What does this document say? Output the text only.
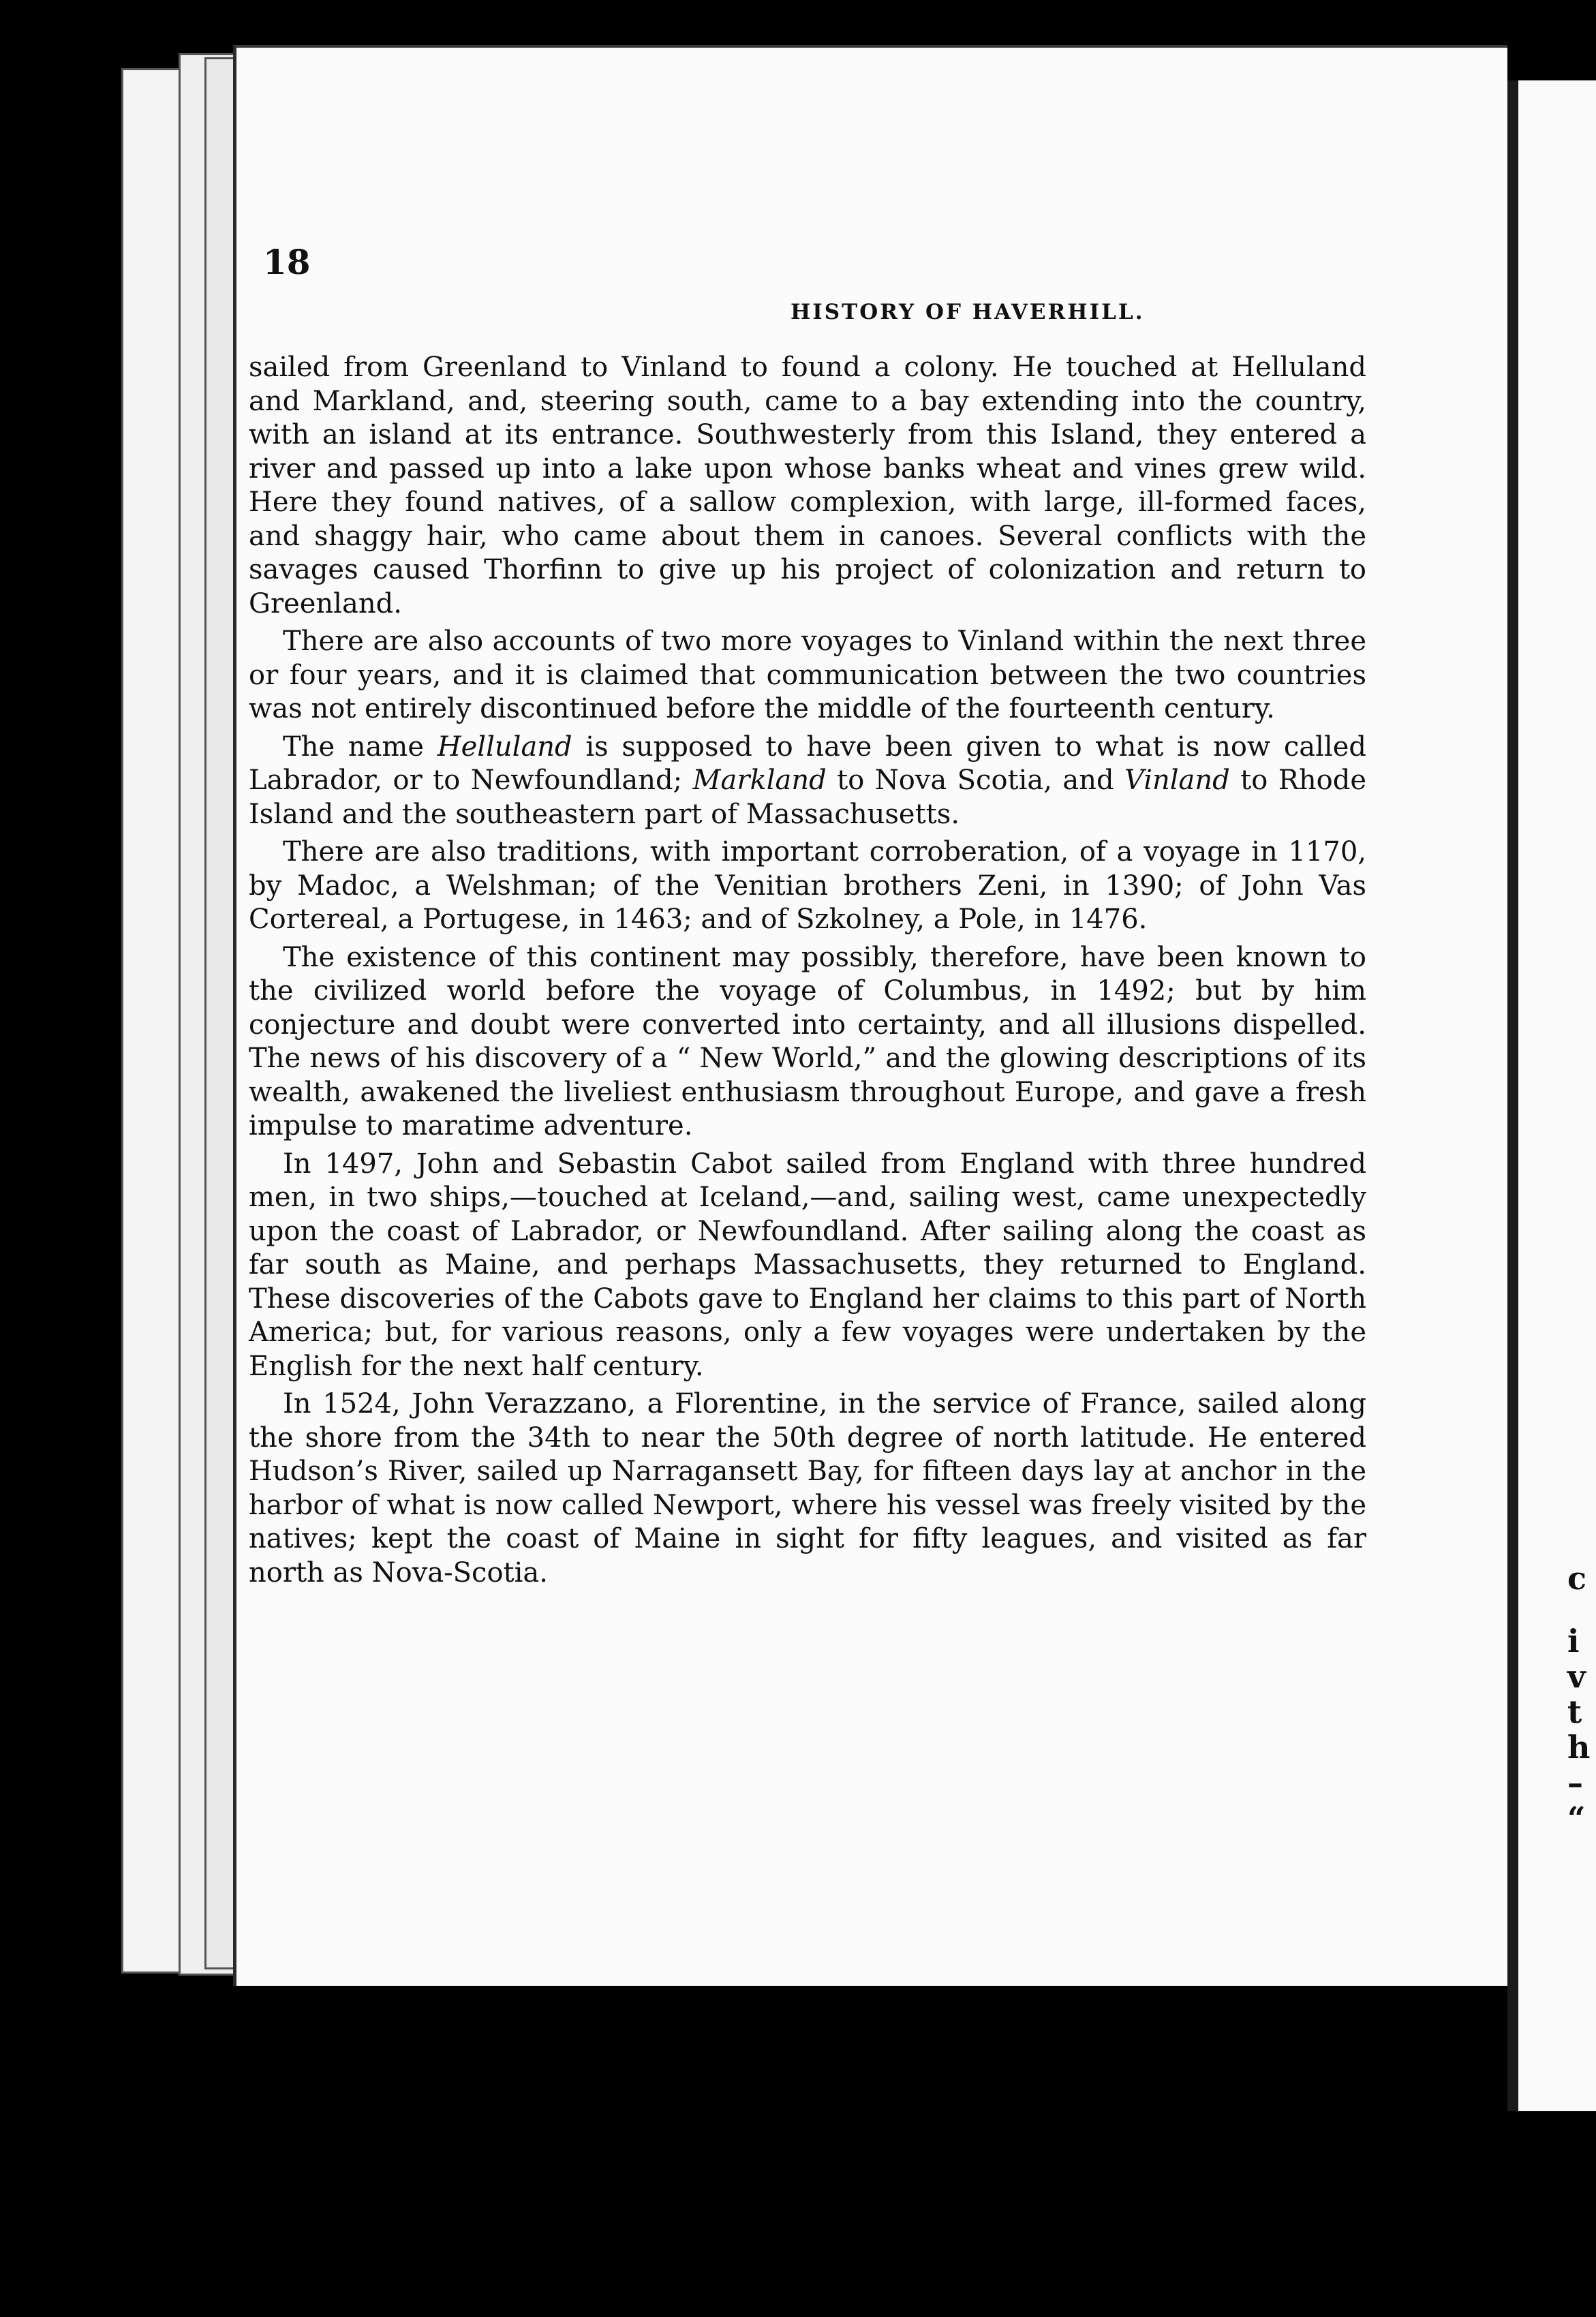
c
i
v
t
h
–
“
18
HISTORY OF HAVERHILL.

sailed from Greenland to Vinland to found a colony. He touched at Helluland and Markland, and, steering south, came to a bay extending into the country, with an island at its entrance. Southwesterly from this Island, they entered a river and passed up into a lake upon whose banks wheat and vines grew wild. Here they found natives, of a sallow complexion, with large, ill-formed faces, and shaggy hair, who came about them in canoes. Several conflicts with the savages caused Thorfinn to give up his project of colonization and return to Greenland.

There are also accounts of two more voyages to Vinland within the next three or four years, and it is claimed that communication between the two countries was not entirely discontinued before the middle of the fourteenth century.

The name Helluland is supposed to have been given to what is now called Labrador, or to Newfoundland; Markland to Nova Scotia, and Vinland to Rhode Island and the southeastern part of Massachusetts.

There are also traditions, with important corroberation, of a voyage in 1170, by Madoc, a Welshman; of the Venitian brothers Zeni, in 1390; of John Vas Cortereal, a Portugese, in 1463; and of Szkolney, a Pole, in 1476.

The existence of this continent may possibly, therefore, have been known to the civilized world before the voyage of Columbus, in 1492; but by him conjecture and doubt were converted into certainty, and all illusions dispelled. The news of his discovery of a “ New World,” and the glowing descriptions of its wealth, awakened the liveliest enthusiasm throughout Europe, and gave a fresh impulse to maratime adventure.

In 1497, John and Sebastin Cabot sailed from England with three hundred men, in two ships,—touched at Iceland,—and, sailing west, came unexpectedly upon the coast of Labrador, or Newfoundland. After sailing along the coast as far south as Maine, and perhaps Massachusetts, they returned to England. These discoveries of the Cabots gave to England her claims to this part of North America; but, for various reasons, only a few voyages were undertaken by the English for the next half century.

In 1524, John Verazzano, a Florentine, in the service of France, sailed along the shore from the 34th to near the 50th degree of north latitude. He entered Hudson’s River, sailed up Narragansett Bay, for fifteen days lay at anchor in the harbor of what is now called Newport, where his vessel was freely visited by the natives; kept the coast of Maine in sight for fifty leagues, and visited as far north as Nova-Scotia.
